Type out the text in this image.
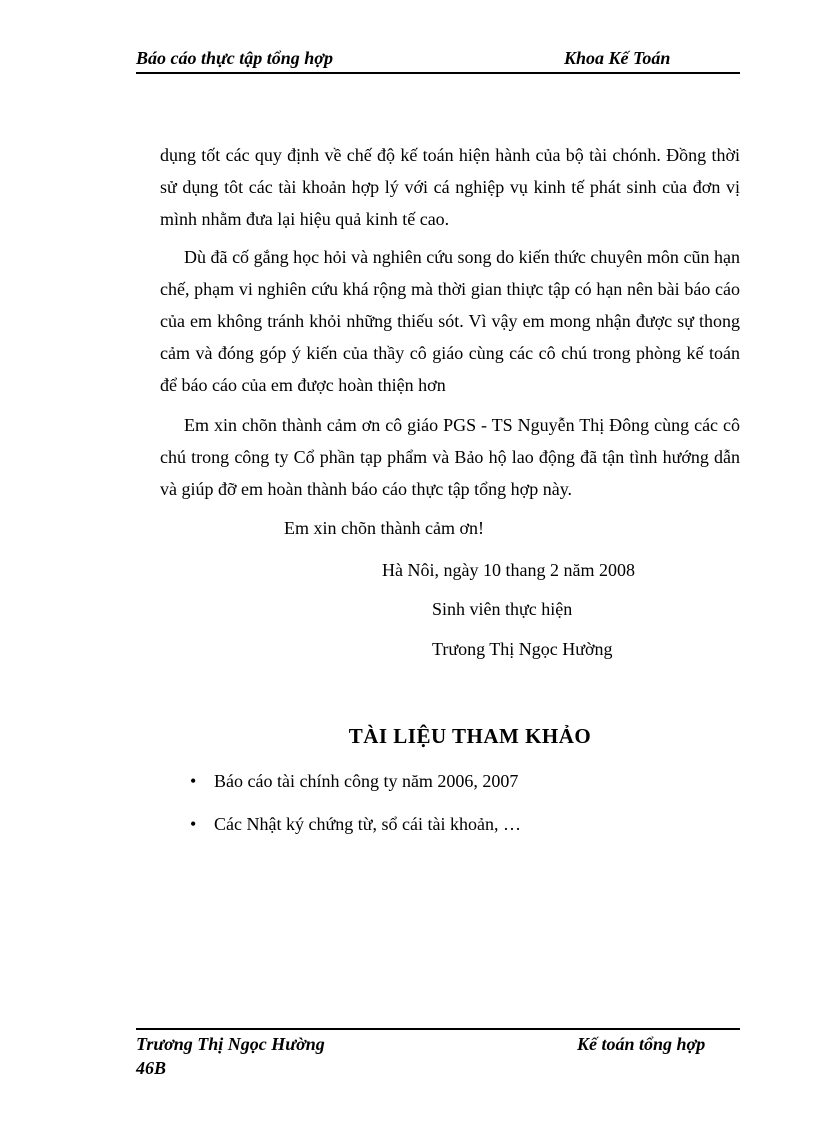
Báo cáo thực tập tổng hợp	Khoa Kế Toán
dụng tốt các quy định về chế độ kế toán hiện hành của bộ tài chónh. Đồng thời sử dụng tôt các tài khoản hợp lý với cá nghiệp vụ kinh tế phát sinh của đơn vị mình nhằm đưa lại hiệu quả kinh tế cao.
Dù đã cố gắng học hỏi và nghiên cứu song do kiến thức chuyên môn cũn hạn chế, phạm vi nghiên cứu khá rộng mà thời gian thiực tập có hạn nên bài báo cáo của em không tránh khỏi những thiếu sót. Vì vậy em mong nhận được sự thong cảm và đóng góp ý kiến của thầy cô giáo cùng các cô chú trong phòng kế toán để báo cáo của em được hoàn thiện hơn
Em xin chõn thành cảm ơn cô giáo PGS - TS Nguyễn Thị Đông cùng các cô chú trong công ty Cổ phần tạp phẩm và Bảo hộ lao động đã tận tình hướng dẫn và giúp đỡ em hoàn thành báo cáo thực tập tổng hợp này.
Em xin chõn thành cảm ơn!
Hà Nôi, ngày 10 thang 2 năm 2008
Sinh viên thực hiện
Trưong Thị Ngọc Hường
TÀI LIỆU THAM KHẢO
• Báo cáo tài chính công ty năm 2006, 2007
• Các Nhật ký chứng từ, sổ cái tài khoản, …
Trương Thị Ngọc Hường
46B
Kế toán tổng hợp
